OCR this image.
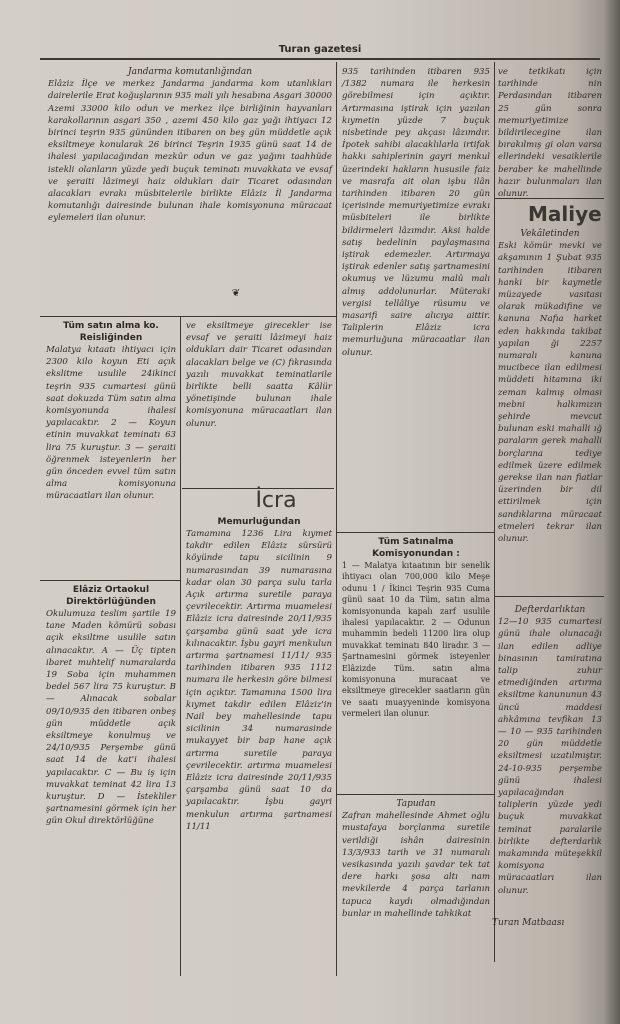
Turan gazetesi

Jandarma komutanlığından

Elâziz İlçe ve merkez Jandarma jandarma kom utanlıkları dairelerile Erat koğuşlarının 935 mali yılı hesabına Asgari 30000 Azemi 33000 kilo odun ve merkez ilçe birliğinin hayvanları karakollarının asgari 350 , azemi 450 kilo gaz yağı ihtiyacı 12 birinci teşrin 935 gününden itibaren on beş gün müddetle açık eksiltmeye konularak 26 birinci Teşrin 1935 günü saat 14 de ihalesi yapılacağından mezkûr odun ve gaz yağını taahhüde istekli olanların yüzde yedi buçuk teminatı muvakkata ve evsaf ve şeraiti lâzimeyi haiz oldukları dair Ticaret odasından alacakları evrakı müsbitelerile birlikte Elâziz İl Jandarma komutanlığı dairesinde bulunan ihale komisyonuna müracaat eylemeleri ilan olunur.

❦

935 tarihinden itibaren 935 /1382 numara ile herkesin görebilmesi için açıktır. Artırmasına iştirak için yazılan kıymetin yüzde 7 buçuk nisbetinde pey akçası lâzımdır. İpotek sahibi alacaklılarla irtifak hakkı sahiplerinin gayri menkul üzerindeki hakların hususile faiz ve masrafa ait olan işbu ilân tarihinden itibaren 20 gün içerisinde memuriyetimize evrakı müsbiteleri ile birlikte bildirmeleri lâzımdır. Aksi halde satış bedelinin paylaşmasına iştirak edemezler. Artırmaya iştirak edenler satış şartnamesini okumuş ve lüzumu malû malı almış addolunurlar. Müteraki vergisi tellâliye rüsumu ve masarifi saire alıcıya aittir. Taliplerin Elâziz icra memurluğuna müracaatlar ilan olunur.

ve tetkikatı için tarihinde nin Perdasından itibaren 25 gün sonra memuriyetimize bildirilecegine ilan bırakılmış gi olan varsa ellerindeki vesaiklerile beraber ke mahellinde hazır bulunmaları ilan olunur.

Maliye

Vekâletinden

Eski kömür mevki ve akşamının 1 Şubat 935 tarihinden itibaren hanki bir kaymetle müzayede vasıtası olarak mükadifine ve kanuna Nafıa harket eden hakkında takibat yapılan ği 2257 numaralı kanuna mucibece ilan edilmesi müddeti hitamına iki zeman kalmış olması mebni halkımızın şehirde mevcut bulunan eski mahalli ığ paraların gerek mahalli borçlarına tediye edilmek üzere edilmek gerekse ilan nan fiatlar üzerinden bir dil ettirilmek için sandıklarına müracaat etmeleri tekrar ilan olunur.

Tüm satın alma ko. Reisliğinden

Malatya kıtaatı ihtiyacı için 2300 kilo koyun Eti açık ekslitme usulile 24ikinci teşrin 935 cumartesi günü saat dokuzda Tüm satın alma komisyonunda ihalesi yapılacaktır. 2 — Koyun etinin muvakkat teminatı 63 lira 75 kuruştur. 3 — şeraiti öğrenmek isteyenlerin her gün önceden evvel tüm satın alma komisyonuna müracaatları ilan olunur.

ve eksiltmeye girecekler ise evsaf ve şeraiti lâzimeyi haiz oldukları dair Ticaret odasından alacakları belge ve (C) fıkrasında yazılı muvakkat teminatlarile birlikte belli saatta Kâlür yönetişinde bulunan ihale komisyonuna müracaatları ilan olunur.

İcra

Memurluğundan

Tamamına 1236 Lira kıymet takdir edilen Elâziz sürsürü köyünde tapu sicilinin 9 numarasından 39 numarasına kadar olan 30 parça sulu tarla Açık artırma suretile paraya çevrilecektir. Artırma muamelesi Elâziz icra dairesinde 20/11/935 çarşamba günü saat yde icra kılınacaktır. İşbu gayri menkulun artırma şartnamesi 11/11/ 935 tarihinden itibaren 935 1112 numara ile herkesin göre bilmesi için açıktır. Tamamına 1500 lira kıymet takdir edilen Elâziz'in Nail bey mahellesinde tapu sicilinin 34 numarasinde mukayyet bir bap hane açık artırma suretile paraya çevrilecektir. artırma muamelesi Elâziz icra dairesinde 20/11/935 çarşamba günü saat 10 da yapılacaktır. İşbu gayri menkulun artırma şartnamesi 11/11

Elâziz Ortaokul Direktörlüğünden

Okulumuza teslim şartile 19 tane Maden kömürü sobası açık eksiltme usulile satın alınacaktır. A — Üç tipten ibaret muhtelif numaralarda 19 Soba için muhammen bedel 567 lira 75 kuruştur. B — Alınacak sobalar 09/10/935 den itibaren onbeş gün müddetle açık eksiltmeye konulmuş ve 24/10/935 Perşembe günü saat 14 de kat'i ihalesi yapılacaktır. C — Bu iş için muvakkat teminat 42 lira 13 kuruştur. D — İstekliler şartnamesini görmek için her gün Okul direktörlüğüne

Tüm Satınalma Komisyonundan :

1 — Malatya kıtaatının bir senelik ihtiyacı olan 700,000 kilo Meşe odunu 1 / İkinci Teşrin 935 Cuma günü saat 10 da Tüm, satın alma komisyonunda kapalı zarf usulile ihalesi yapılacaktır. 2 — Odunun muhammin bedeli 11200 lira olup muvakkat teminatı 840 liradır. 3 — Şartnamesini görmek isteyenler Elâzizde Tüm. satın alma komisyonuna muracaat ve eksiltmeye girecekler saatların gün ve saatı muayyeninde komisyona vermeleri ilan olunur.

Tapudan

Zafran mahellesinde Ahmet oğlu mustafaya borçlanma suretile verildiği ishân dairesinin 13/3/933 tarih ve 31 numaralı vesikasında yazılı şavdar tek tat dere harkı şosa altı nam mevkilerde 4 parça tarlanın tapuca kaydı olmadığından bunlar ın mahellinde tahkikat

Defterdarlıktan

12—10 935 cumartesi günü ihale olunacağı ilan edilen adliye binasının tamiratına talip zuhur etmediğinden artırma eksiltme kanununun 43 üncü maddesi ahkâmına tevfikan 13 — 10 — 935 tarihinden 20 gün müddetle eksiltmesi uzatılmıştır. 24-10-935 perşembe günü ihalesi yapılacağından taliplerin yüzde yedi buçuk muvakkat teminat paralarile birlikte defterdarlık makamında müteşekkil komisyona müracaatları ilan olunur.

Turan Matbaası
